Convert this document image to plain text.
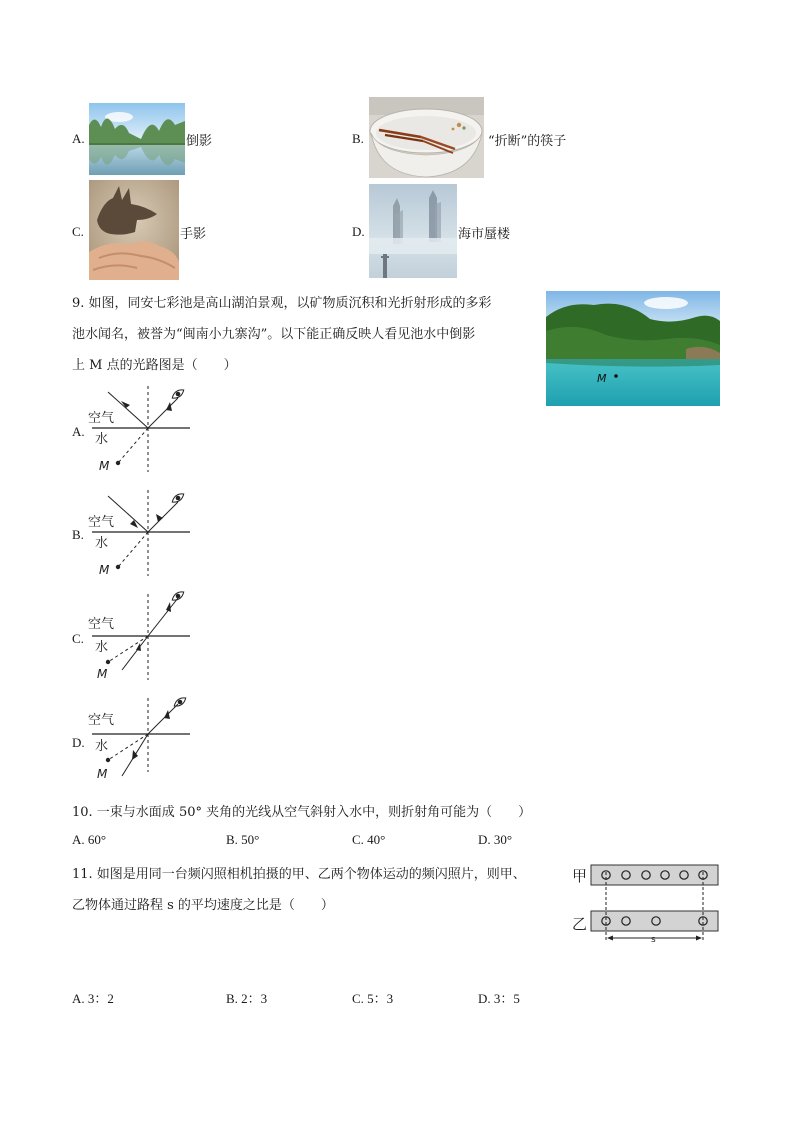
A.	倒影	B.	“折断”的筷子
C.	手影	D.	海市蜃楼
9. 如图，同安七彩池是高山湖泊景观，以矿物质沉积和光折射形成的多彩
池水闻名，被誉为“闽南小九寨沟”。以下能正确反映人看见池水中倒影
上 M 点的光路图是（　　）
M
A.
空气
水
M
B.
空气
水
M
C.
空气
水
M
D.
空气
水
M
10. 一束与水面成 50° 夹角的光线从空气斜射入水中，则折射角可能为（　　）
A. 60°	B. 50°	C. 40°	D. 30°
11. 如图是用同一台频闪照相机拍摄的甲、乙两个物体运动的频闪照片，则甲、
乙物体通过路程 s 的平均速度之比是（　　）
甲
乙
s
A. 3：2	B. 2：3	C. 5：3	D. 3：5
